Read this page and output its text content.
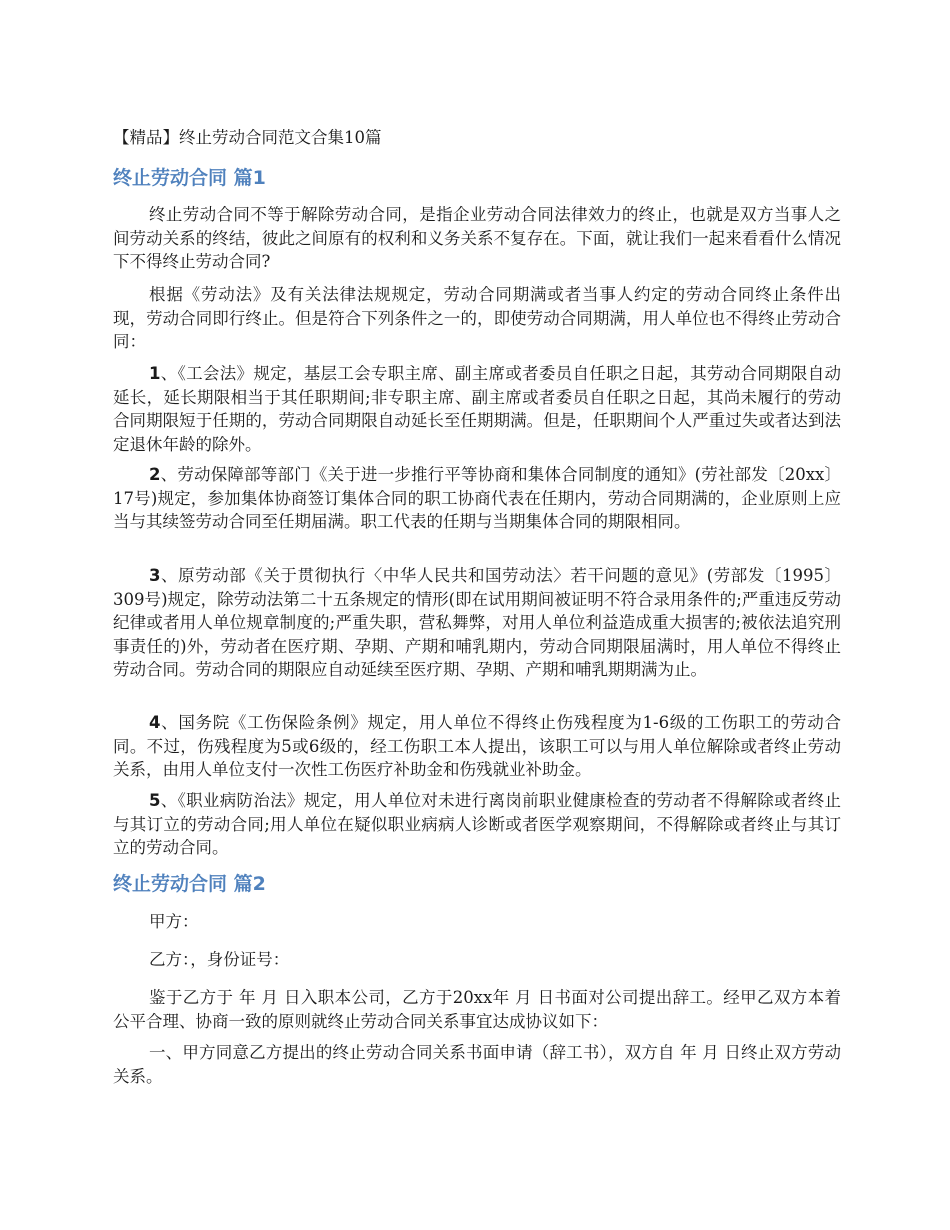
【精品】终止劳动合同范文合集10篇
终止劳动合同 篇1

终止劳动合同不等于解除劳动合同，是指企业劳动合同法律效力的终止，也就是双方当事人之间劳动关系的终结，彼此之间原有的权利和义务关系不复存在。下面，就让我们一起来看看什么情况下不得终止劳动合同?

根据《劳动法》及有关法律法规规定，劳动合同期满或者当事人约定的劳动合同终止条件出现，劳动合同即行终止。但是符合下列条件之一的，即使劳动合同期满，用人单位也不得终止劳动合同：

1、《工会法》规定，基层工会专职主席、副主席或者委员自任职之日起，其劳动合同期限自动延长，延长期限相当于其任职期间;非专职主席、副主席或者委员自任职之日起，其尚未履行的劳动合同期限短于任期的，劳动合同期限自动延长至任期期满。但是，任职期间个人严重过失或者达到法定退休年龄的除外。

2、劳动保障部等部门《关于进一步推行平等协商和集体合同制度的通知》(劳社部发〔20xx〕17号)规定，参加集体协商签订集体合同的职工协商代表在任期内，劳动合同期满的，企业原则上应当与其续签劳动合同至任期届满。职工代表的任期与当期集体合同的期限相同。

3、原劳动部《关于贯彻执行〈中华人民共和国劳动法〉若干问题的意见》(劳部发〔1995〕309号)规定，除劳动法第二十五条规定的情形(即在试用期间被证明不符合录用条件的;严重违反劳动纪律或者用人单位规章制度的;严重失职，营私舞弊，对用人单位利益造成重大损害的;被依法追究刑事责任的)外，劳动者在医疗期、孕期、产期和哺乳期内，劳动合同期限届满时，用人单位不得终止劳动合同。劳动合同的期限应自动延续至医疗期、孕期、产期和哺乳期期满为止。

4、国务院《工伤保险条例》规定，用人单位不得终止伤残程度为1-6级的工伤职工的劳动合同。不过，伤残程度为5或6级的，经工伤职工本人提出，该职工可以与用人单位解除或者终止劳动关系，由用人单位支付一次性工伤医疗补助金和伤残就业补助金。

5、《职业病防治法》规定，用人单位对未进行离岗前职业健康检查的劳动者不得解除或者终止与其订立的劳动合同;用人单位在疑似职业病病人诊断或者医学观察期间，不得解除或者终止与其订立的劳动合同。

终止劳动合同 篇2

甲方：

乙方：，身份证号：

鉴于乙方于 年 月 日入职本公司，乙方于20xx年 月 日书面对公司提出辞工。经甲乙双方本着公平合理、协商一致的原则就终止劳动合同关系事宜达成协议如下：

一、甲方同意乙方提出的终止劳动合同关系书面申请（辞工书），双方自 年 月 日终止双方劳动关系。
